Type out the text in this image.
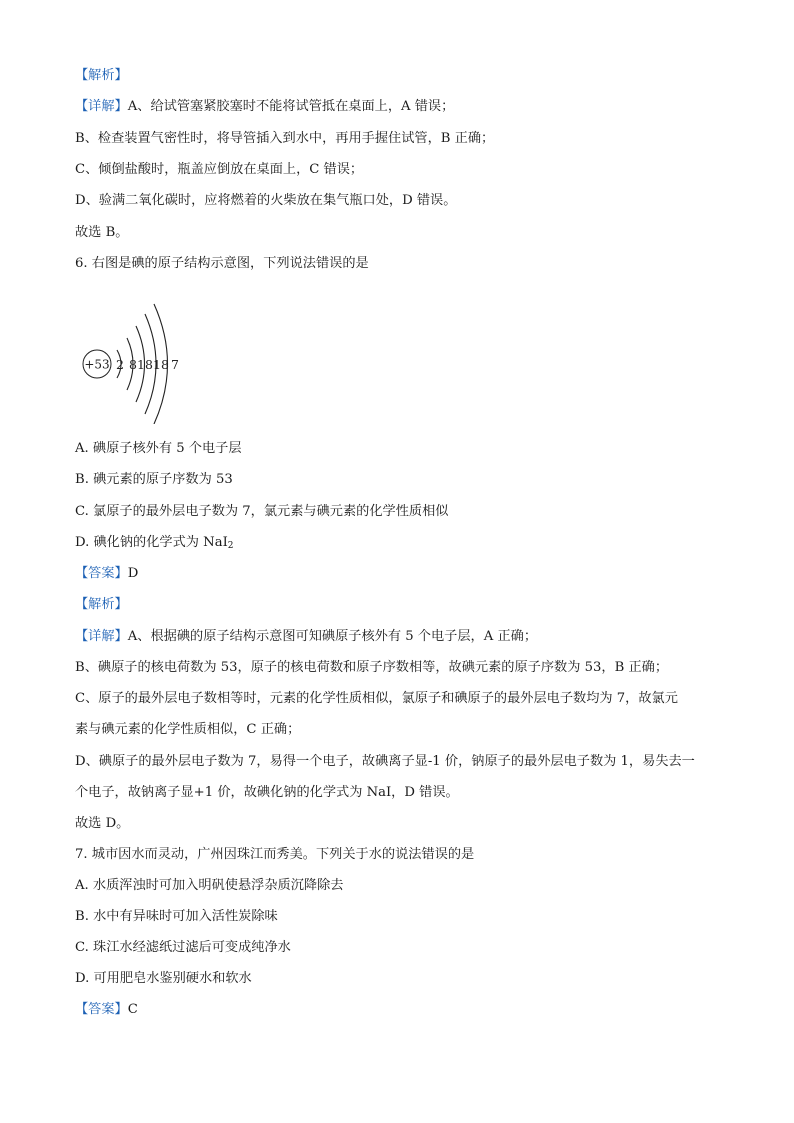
【解析】
【详解】A、给试管塞紧胶塞时不能将试管抵在桌面上，A 错误；
B、检查装置气密性时，将导管插入到水中，再用手握住试管，B 正确；
C、倾倒盐酸时，瓶盖应倒放在桌面上，C 错误；
D、验满二氧化碳时，应将燃着的火柴放在集气瓶口处，D 错误。
故选 B。
6. 右图是碘的原子结构示意图，下列说法错误的是
+53 2 8 18 18 7
A. 碘原子核外有 5 个电子层
B. 碘元素的原子序数为 53
C. 氯原子的最外层电子数为 7，氯元素与碘元素的化学性质相似
D. 碘化钠的化学式为 NaI$_2$
【答案】D
【解析】
【详解】A、根据碘的原子结构示意图可知碘原子核外有 5 个电子层，A 正确；
B、碘原子的核电荷数为 53，原子的核电荷数和原子序数相等，故碘元素的原子序数为 53，B 正确；
C、原子的最外层电子数相等时，元素的化学性质相似，氯原子和碘原子的最外层电子数均为 7，故氯元
素与碘元素的化学性质相似，C 正确；
D、碘原子的最外层电子数为 7，易得一个电子，故碘离子显-1 价，钠原子的最外层电子数为 1，易失去一
个电子，故钠离子显+1 价，故碘化钠的化学式为 NaI，D 错误。
故选 D。
7. 城市因水而灵动，广州因珠江而秀美。下列关于水的说法错误的是
A. 水质浑浊时可加入明矾使悬浮杂质沉降除去
B. 水中有异味时可加入活性炭除味
C. 珠江水经滤纸过滤后可变成纯净水
D. 可用肥皂水鉴别硬水和软水
【答案】C
